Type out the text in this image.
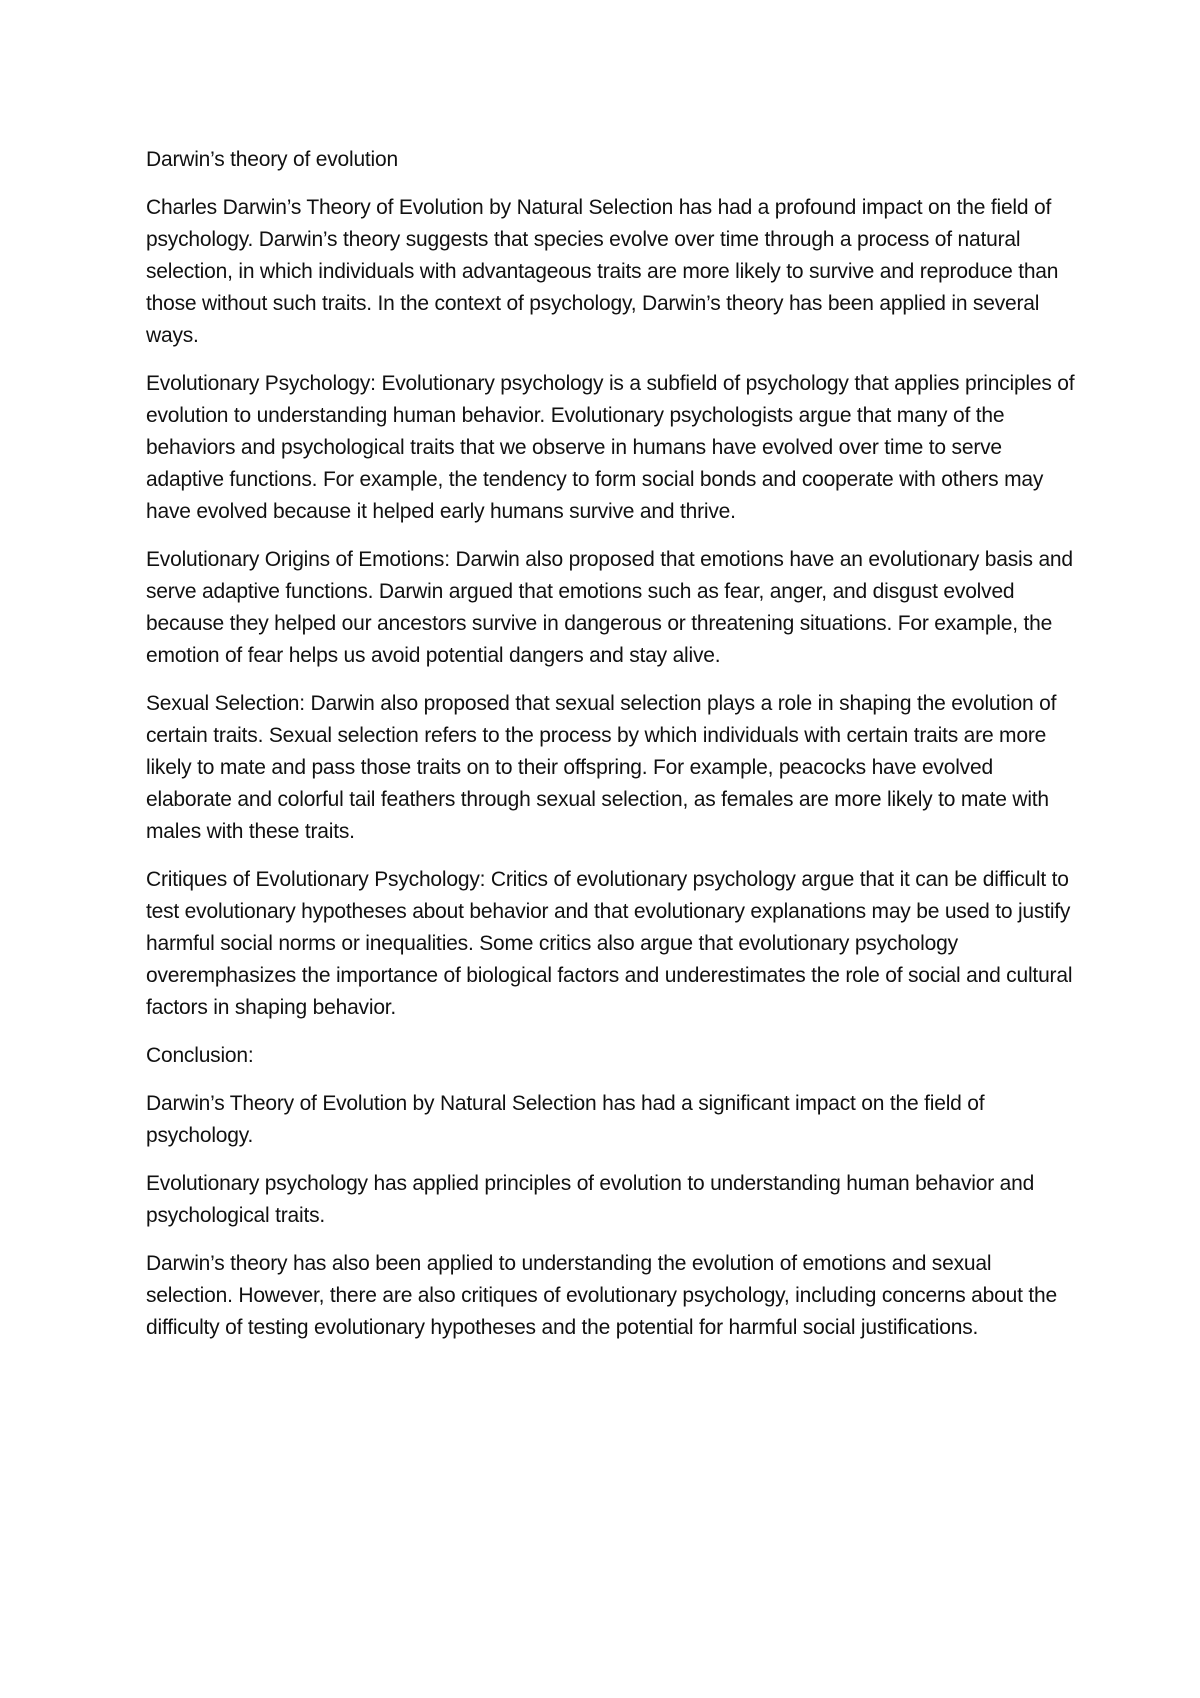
Darwin’s theory of evolution

Charles Darwin’s Theory of Evolution by Natural Selection has had a profound impact on the field of psychology. Darwin’s theory suggests that species evolve over time through a process of natural selection, in which individuals with advantageous traits are more likely to survive and reproduce than those without such traits. In the context of psychology, Darwin’s theory has been applied in several ways.

Evolutionary Psychology: Evolutionary psychology is a subfield of psychology that applies principles of evolution to understanding human behavior. Evolutionary psychologists argue that many of the behaviors and psychological traits that we observe in humans have evolved over time to serve adaptive functions. For example, the tendency to form social bonds and cooperate with others may have evolved because it helped early humans survive and thrive.

Evolutionary Origins of Emotions: Darwin also proposed that emotions have an evolutionary basis and serve adaptive functions. Darwin argued that emotions such as fear, anger, and disgust evolved because they helped our ancestors survive in dangerous or threatening situations. For example, the emotion of fear helps us avoid potential dangers and stay alive.

Sexual Selection: Darwin also proposed that sexual selection plays a role in shaping the evolution of certain traits. Sexual selection refers to the process by which individuals with certain traits are more likely to mate and pass those traits on to their offspring. For example, peacocks have evolved elaborate and colorful tail feathers through sexual selection, as females are more likely to mate with males with these traits.

Critiques of Evolutionary Psychology: Critics of evolutionary psychology argue that it can be difficult to test evolutionary hypotheses about behavior and that evolutionary explanations may be used to justify harmful social norms or inequalities. Some critics also argue that evolutionary psychology overemphasizes the importance of biological factors and underestimates the role of social and cultural factors in shaping behavior.

Conclusion:

Darwin’s Theory of Evolution by Natural Selection has had a significant impact on the field of psychology.

Evolutionary psychology has applied principles of evolution to understanding human behavior and psychological traits.

Darwin’s theory has also been applied to understanding the evolution of emotions and sexual selection. However, there are also critiques of evolutionary psychology, including concerns about the difficulty of testing evolutionary hypotheses and the potential for harmful social justifications.
